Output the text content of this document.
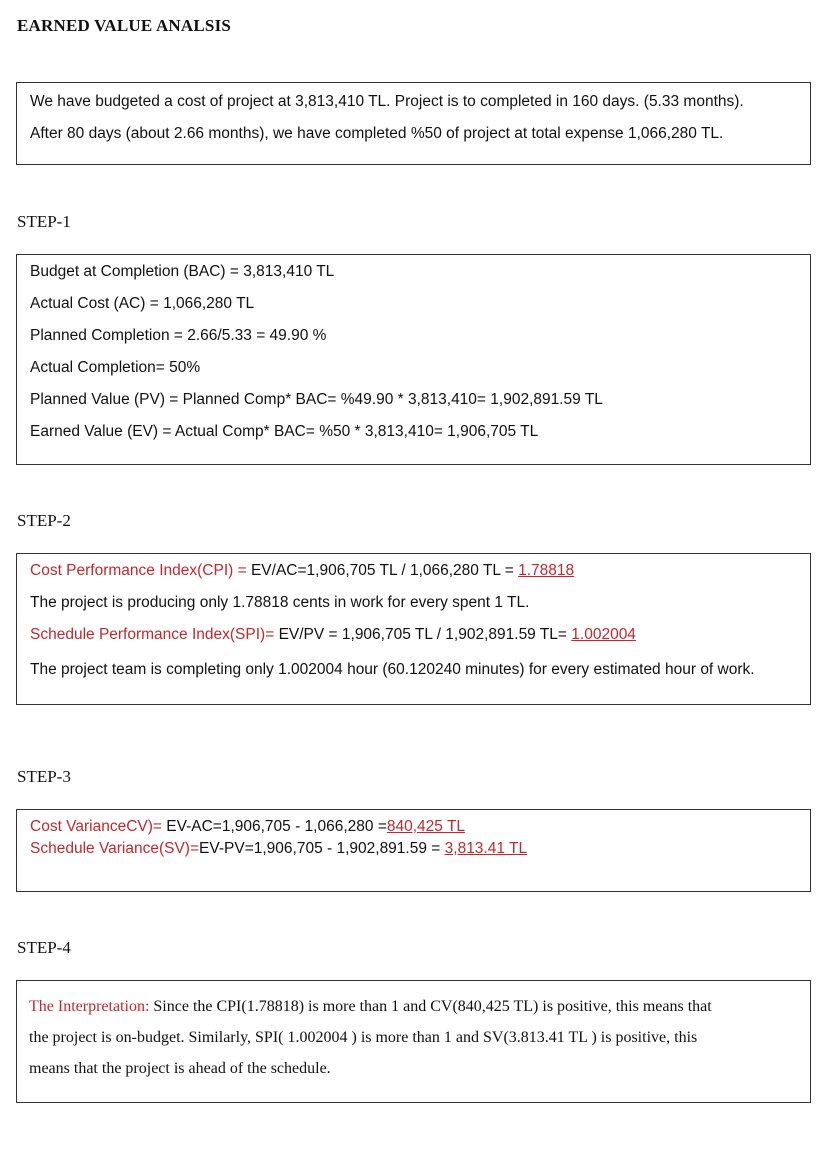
EARNED VALUE ANALSIS
We have budgeted a cost of project at 3,813,410 TL. Project is to completed in 160 days. (5.33 months).
After 80 days (about 2.66 months), we have completed %50 of project at total expense 1,066,280 TL.
STEP-1
Budget at Completion (BAC) = 3,813,410 TL
Actual Cost (AC) = 1,066,280 TL
Planned Completion = 2.66/5.33 = 49.90 %
Actual Completion= 50%
Planned Value (PV) = Planned Comp* BAC= %49.90 * 3,813,410= 1,902,891.59 TL
Earned Value (EV) = Actual Comp* BAC= %50 * 3,813,410= 1,906,705 TL
STEP-2
Cost Performance Index(CPI) = EV/AC=1,906,705 TL / 1,066,280 TL = 1.78818
The project is producing only 1.78818 cents in work for every spent 1 TL.
Schedule Performance Index(SPI)= EV/PV = 1,906,705 TL / 1,902,891.59 TL= 1.002004
The project team is completing only 1.002004 hour (60.120240 minutes) for every estimated hour of work.
STEP-3
Cost VarianceCV)= EV-AC=1,906,705 - 1,066,280 =840,425 TL
Schedule Variance(SV)=EV-PV=1,906,705 - 1,902,891.59 = 3,813.41 TL
STEP-4
The Interpretation: Since the CPI(1.78818) is more than 1 and CV(840,425 TL) is positive, this means that
the project is on-budget. Similarly, SPI( 1.002004 ) is more than 1 and SV(3.813.41 TL ) is positive, this
means that the project is ahead of the schedule.
